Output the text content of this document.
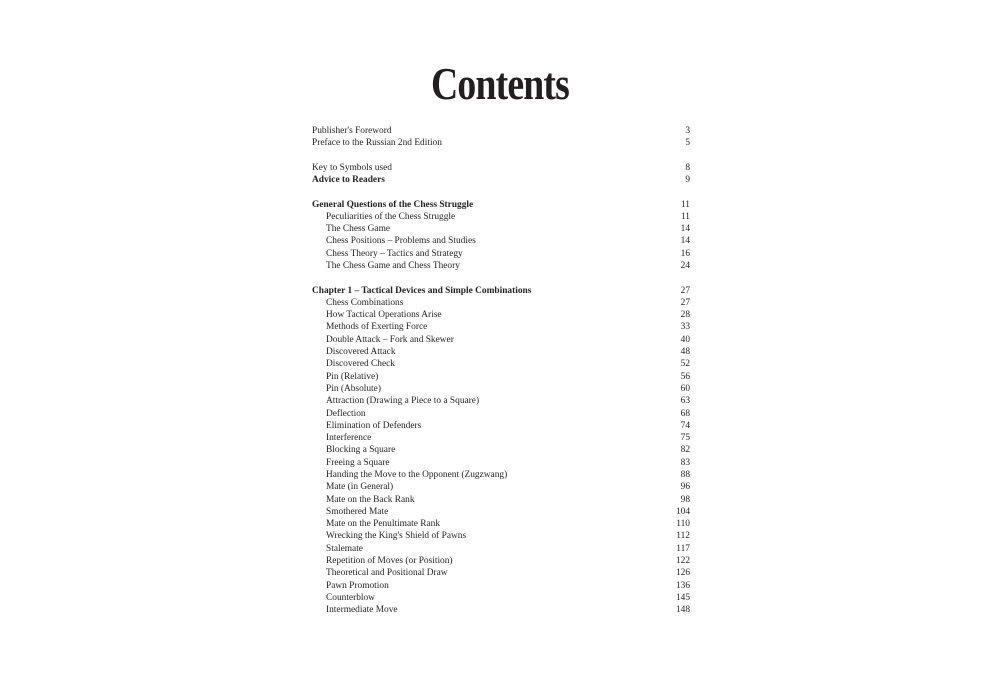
Contents
Publisher's Foreword	3
Preface to the Russian 2nd Edition	5
Key to Symbols used	8
Advice to Readers	9
General Questions of the Chess Struggle	11
Peculiarities of the Chess Struggle	11
The Chess Game	14
Chess Positions – Problems and Studies	14
Chess Theory – Tactics and Strategy	16
The Chess Game and Chess Theory	24
Chapter 1 – Tactical Devices and Simple Combinations	27
Chess Combinations	27
How Tactical Operations Arise	28
Methods of Exerting Force	33
Double Attack – Fork and Skewer	40
Discovered Attack	48
Discovered Check	52
Pin (Relative)	56
Pin (Absolute)	60
Attraction (Drawing a Piece to a Square)	63
Deflection	68
Elimination of Defenders	74
Interference	75
Blocking a Square	82
Freeing a Square	83
Handing the Move to the Opponent (Zugzwang)	88
Mate (in General)	96
Mate on the Back Rank	98
Smothered Mate	104
Mate on the Penultimate Rank	110
Wrecking the King's Shield of Pawns	112
Stalemate	117
Repetition of Moves (or Position)	122
Theoretical and Positional Draw	126
Pawn Promotion	136
Counterblow	145
Intermediate Move	148
